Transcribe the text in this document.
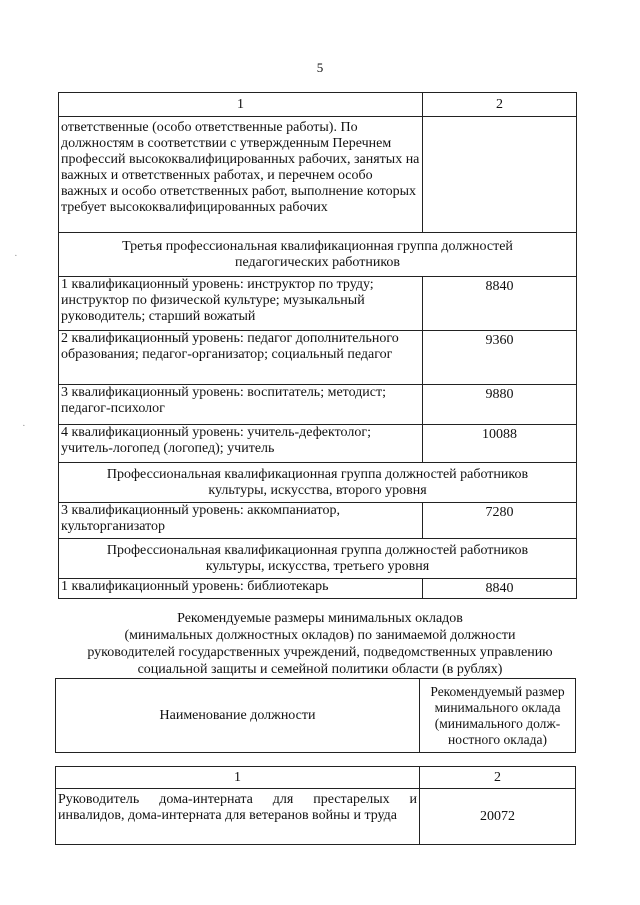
5
1	2
ответственные (особо ответственные работы). По должностям в соответствии с утвержденным Перечнем профессий высококвалифицированных рабочих, занятых на важных и ответственных работах, и перечнем особо важных и особо ответственных работ, выполнение которых требует высококвалифицированных рабочих	
Третья профессиональная квалификационная группа должностей педагогических работников	
1 квалификационный уровень: инструктор по труду; инструктор по физической культуре; музыкальный руководитель; старший вожатый	8840
2 квалификационный уровень: педагог дополнительного образования; педагог-организатор; социальный педагог	9360
3 квалификационный уровень: воспитатель; методист; педагог-психолог	9880
4 квалификационный уровень: учитель-дефектолог; учитель-логопед (логопед); учитель	10088
Профессиональная квалификационная группа должностей работников культуры, искусства, второго уровня	
3 квалификационный уровень: аккомпаниатор, культорганизатор	7280
Профессиональная квалификационная группа должностей работников культуры, искусства, третьего уровня	
1 квалификационный уровень: библиотекарь	8840
Рекомендуемые размеры минимальных окладов
(минимальных должностных окладов) по занимаемой должности
руководителей государственных учреждений, подведомственных управлению
социальной защиты и семейной политики области (в рублях)
Наименование должности	Рекомендуемый размер минимального оклада (минимального долж- ностного оклада)
1	2
Руководитель дома-интерната для престарелых и инвалидов, дома-интерната для ветеранов войны и труда	20072
·
·
